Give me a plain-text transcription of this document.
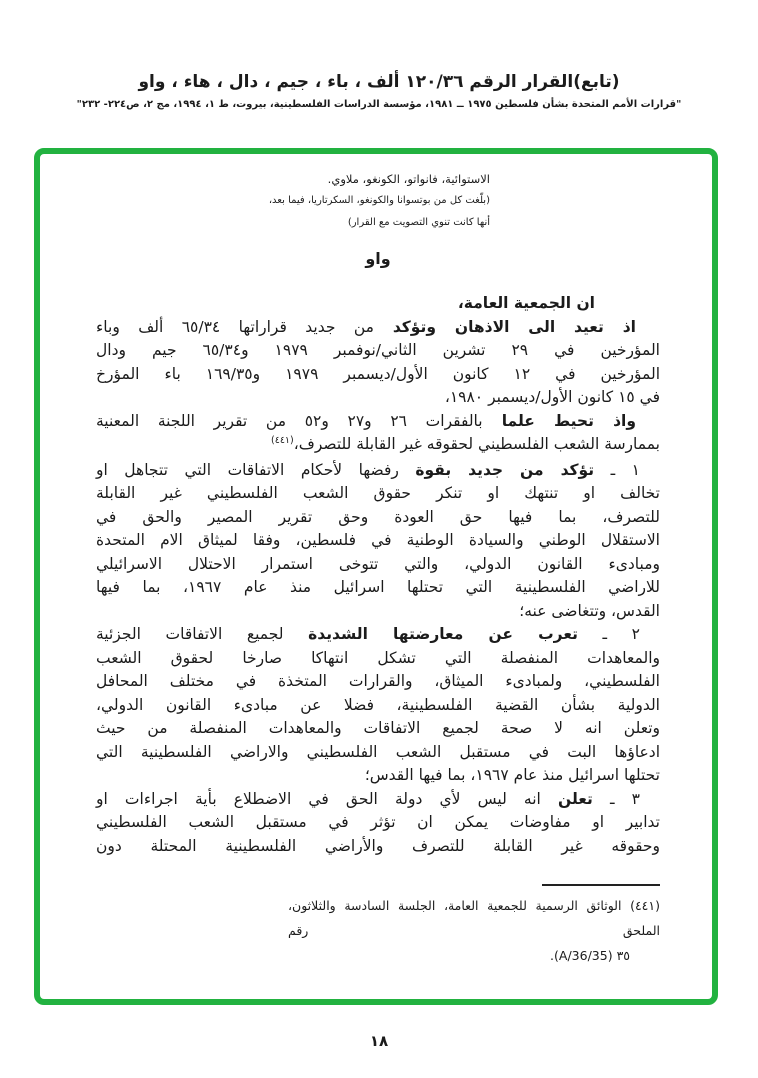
(تابع)القرار الرقم ١٢٠/٣٦ ألف ، باء ، جيم ، دال ، هاء ، واو
"قرارات الأمم المتحدة بشأن فلسطين ١٩٧٥ ــ ١٩٨١، مؤسسة الدراسات الفلسطينية، بيروت، ط ١، ١٩٩٤، مج ٢، ص٢٢٤- ٢٣٢"
الاستوائية، فانواتو، الكونغو، ملاوي.
(بلّغت كل من بوتسوانا والكونغو، السكرتاريا، فيما بعد،
أنها كانت تنوي التصويت مع القرار)
واو
ان الجمعية العامة،
اذ تعيد الى الاذهان وتؤكد من جديد قراراتها ٦٥/٣٤ ألف وباء
المؤرخين في ٢٩ تشرين الثاني/نوفمبر ١٩٧٩ و٦٥/٣٤ جيم ودال
المؤرخين في ١٢ كانون الأول/ديسمبر ١٩٧٩ و١٦٩/٣٥ باء المؤرخ
في ١٥ كانون الأول/ديسمبر ١٩٨٠،
واذ تحيط علما بالفقرات ٢٦ و٢٧ و٥٢ من تقرير اللجنة المعنية
بممارسة الشعب الفلسطيني لحقوقه غير القابلة للتصرف،$^{(٤٤١)}$
١ ـ تؤكد من جديد بقوة رفضها لأحكام الاتفاقات التي تتجاهل او
تخالف او تنتهك او تنكر حقوق الشعب الفلسطيني غير القابلة
للتصرف، بما فيها حق العودة وحق تقرير المصير والحق في
الاستقلال الوطني والسيادة الوطنية في فلسطين، وفقا لميثاق الام المتحدة
ومبادىء القانون الدولي، والتي تتوخى استمرار الاحتلال الاسرائيلي
للاراضي الفلسطينية التي تحتلها اسرائيل منذ عام ١٩٦٧، بما فيها
القدس، وتتغاضى عنه؛
٢ ـ تعرب عن معارضتها الشديدة لجميع الاتفاقات الجزئية
والمعاهدات المنفصلة التي تشكل انتهاكا صارخا لحقوق الشعب
الفلسطيني، ولمبادىء الميثاق، والقرارات المتخذة في مختلف المحافل
الدولية بشأن القضية الفلسطينية، فضلا عن مبادىء القانون الدولي،
وتعلن انه لا صحة لجميع الاتفاقات والمعاهدات المنفصلة من حيث
ادعاؤها البت في مستقبل الشعب الفلسطيني والاراضي الفلسطينية التي
تحتلها اسرائيل منذ عام ١٩٦٧، بما فيها القدس؛
٣ ـ تعلن انه ليس لأي دولة الحق في الاضطلاع بأية اجراءات او
تدابير او مفاوضات يمكن ان تؤثر في مستقبل الشعب الفلسطيني
وحقوقه غير القابلة للتصرف والأراضي الفلسطينية المحتلة دون
(٤٤١) الوثائق الرسمية للجمعية العامة، الجلسة السادسة والثلاثون، الملحق رقم
٣٥ (A/36/35).
١٨
